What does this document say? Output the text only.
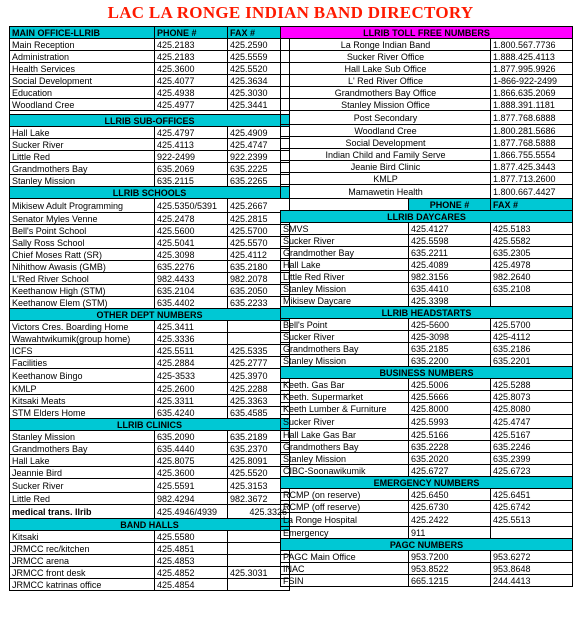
LAC LA RONGE INDIAN BAND DIRECTORY
MAIN OFFICE-LLRIB	PHONE #	FAX #
Main Reception	425.2183	425.2590
Administration	425.2183	425.5559
Health Services	425.3600	425.5520
Social Development	425.4077	425.3634
Education	425.4938	425.3030
Woodland Cree	425.4977	425.3441

LLRIB SUB-OFFICES		
Hall Lake	425.4797	425.4909
Sucker River	425.4113	425.4747
Little Red	922-2499	922.2399
Grandmothers Bay	635.2069	635.2225
Stanley Mission	635.2115	635.2265
LLRIB SCHOOLS		
Mikisew Adult Programming	425.5350/5391	425.2667
Senator Myles Venne	425.2478	425.2815
Bell's Point School	425.5600	425.5700
Sally Ross School	425.5041	425.5570
Chief Moses Ratt (SR)	425.3098	425.4112
Nihithow Awasis (GMB)	635.2276	635.2180
L'Red River School	982.4433	982.2078
Keethanow High (STM)	635.2104	635.2050
Keethanow Elem (STM)	635.4402	635.2233
OTHER DEPT NUMBERS		
Victors Cres. Boarding Home	425.3411	
Wawahtwikumik(group home)	425.3336	
ICFS	425.5511	425.5335
Facilities	425.2884	425.2777
Keethanow Bingo	425-3533	425.3970
KMLP	425.2600	425.2288
Kitsaki Meats	425.3311	425.3363
STM Elders Home	635.4240	635.4585
LLRIB CLINICS		
Stanley Mission	635.2090	635.2189
Grandmothers Bay	635.4440	635.2370
Hall Lake	425.8075	425.8091
Jeannie Bird	425.3600	425.5520
Sucker River	425.5591	425.3153
Little Red	982.4294	982.3672
medical trans. llrib	425.4946/4939	425.3326
BAND HALLS		
Kitsaki	425.5580	
JRMCC rec/kitchen	425.4851	
JRMCC arena	425.4853	
JRMCC front desk	425.4852	425.3031
JRMCC katrinas office	425.4854	
LLRIB TOLL FREE NUMBERS		
La Ronge Indian Band		1.800.567.7736
Sucker River Office		1.888.425.4113
Hall Lake Sub Office		1.877.995.9926
L' Red River Office		1-866-922-2499
Grandmothers Bay Office		1.866.635.2069
Stanley Mission Office		1.888.391.1181
Post Secondary		1.877.768.6888
Woodland Cree		1.800.281.5686
Social Development		1.877.768.5888
Indian Child and Family Serve		1.866.755.5554
Jeanie Bird Clinic		1.877.425.3443
KMLP		1.877.713.2600
Mamawetin Health		1.800.667.4427
	PHONE #	FAX #
LLRIB DAYCARES		
SMVS	425.4127	425.5183
Sucker River	425.5598	425.5582
Grandmother Bay	635.2211	635.2305
Hall Lake	425.4089	425.4978
Little Red River	982.3156	982.2640
Stanley Mission	635.4410	635.2108
Mikisew Daycare	425.3398	
LLRIB HEADSTARTS		
Bell's Point	425-5600	425.5700
Sucker River	425-3098	425-4112
Grandmothers Bay	635.2185	635.2186
Stanley Mission	635.2200	635.2201
BUSINESS NUMBERS		
Keeth. Gas Bar	425.5006	425.5288
Keeth. Supermarket	425.5666	425.8073
Keeth Lumber & Furniture	425.8000	425.8080
Sucker River	425.5993	425.4747
Hall Lake Gas Bar	425.5166	425.5167
Grandmothers Bay	635.2228	635.2246
Stanley Mission	635.2020	635.2399
CIBC-Soonawikumik	425.6727	425.6723
EMERGENCY NUMBERS		
RCMP (on reserve)	425.6450	425.6451
RCMP (off reserve)	425.6730	425.6742
La Ronge Hospital	425.2422	425.5513
Emergency	911	
PAGC NUMBERS		
PAGC Main Office	953.7200	953.6272
INAC	953.8522	953.8648
FSIN	665.1215	244.4413
